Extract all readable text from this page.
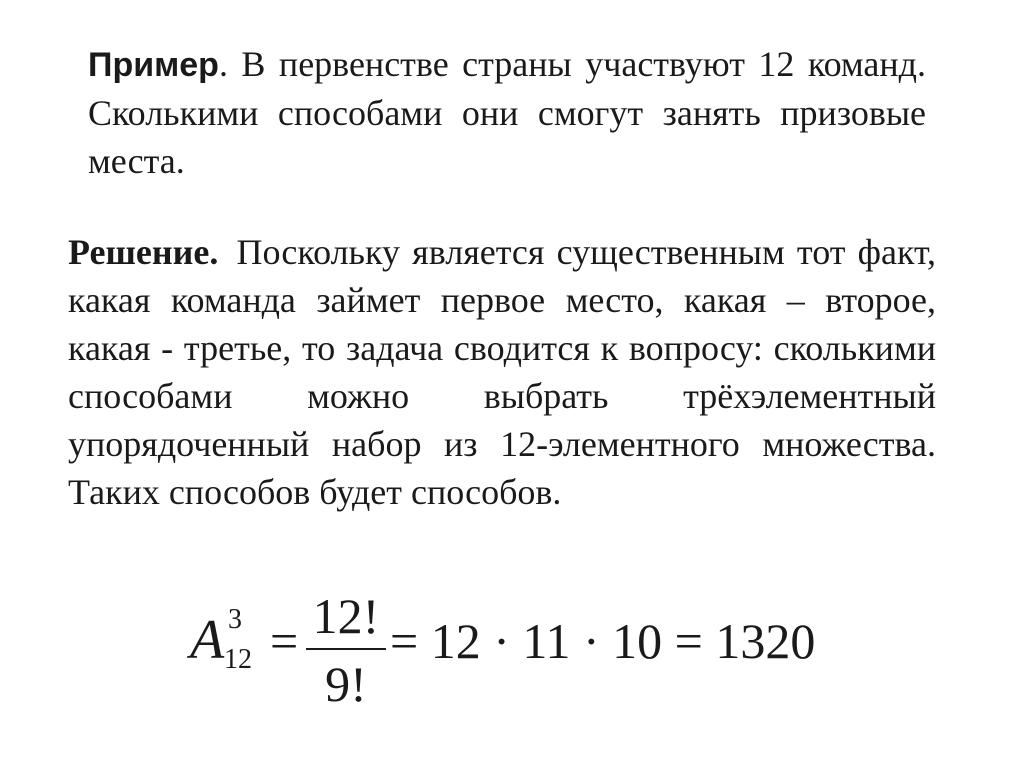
Пример. В первенстве страны участвуют 12 команд. Сколькими способами они смогут занять призовые места.
Решение. Поскольку является существенным тот факт, какая команда займет первое место, какая – второе, какая - третье, то задача сводится к вопросу: сколькими способами можно выбрать трёхэлементный упорядоченный набор из 12-элементного множества. Таких способов будет способов.
A 3
12 = 12!
9!
= 12 · 11 · 10 = 1320
